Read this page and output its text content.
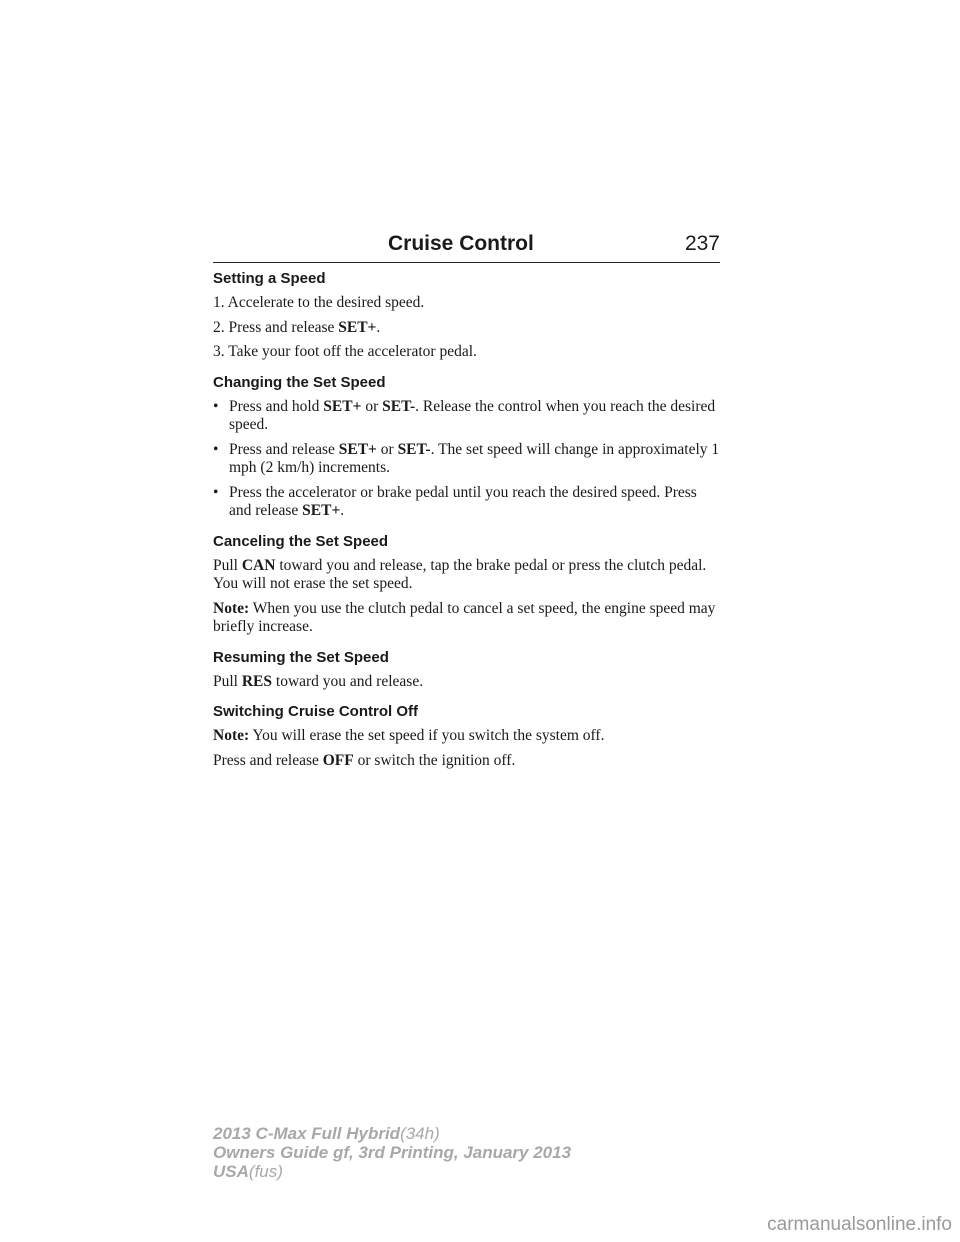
Cruise Control	237
Setting a Speed
1. Accelerate to the desired speed.
2. Press and release SET+.
3. Take your foot off the accelerator pedal.
Changing the Set Speed
• Press and hold SET+ or SET-. Release the control when you reach the desired speed.
• Press and release SET+ or SET-. The set speed will change in approximately 1 mph (2 km/h) increments.
• Press the accelerator or brake pedal until you reach the desired speed. Press and release SET+.
Canceling the Set Speed
Pull CAN toward you and release, tap the brake pedal or press the clutch pedal. You will not erase the set speed.
Note: When you use the clutch pedal to cancel a set speed, the engine speed may briefly increase.
Resuming the Set Speed
Pull RES toward you and release.
Switching Cruise Control Off
Note: You will erase the set speed if you switch the system off.
Press and release OFF or switch the ignition off.
2013 C-Max Full Hybrid(34h)
Owners Guide gf, 3rd Printing, January 2013
USA(fus)
carmanualsonline.info
